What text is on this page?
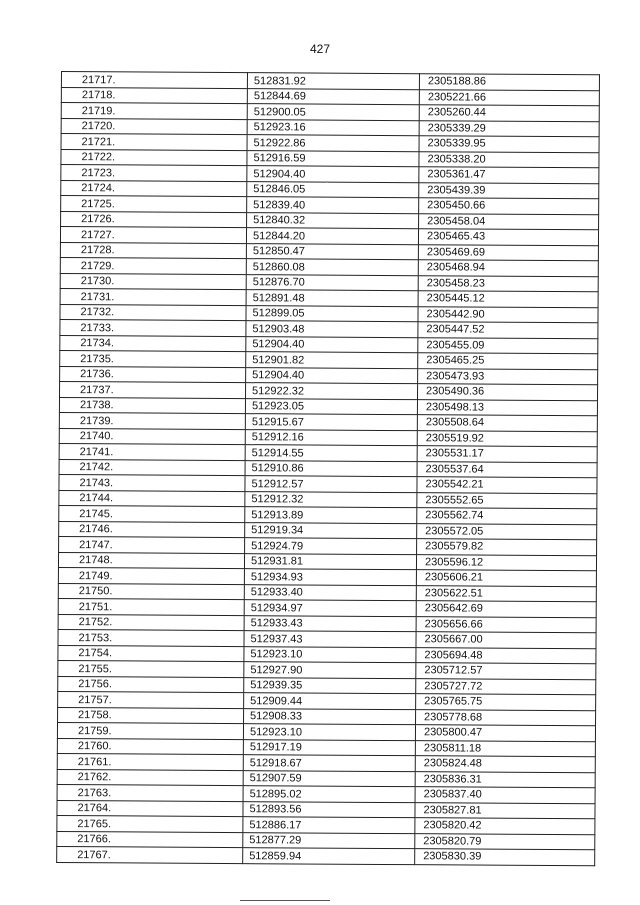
427
21717.	512831.92	2305188.86
21718.	512844.69	2305221.66
21719.	512900.05	2305260.44
21720.	512923.16	2305339.29
21721.	512922.86	2305339.95
21722.	512916.59	2305338.20
21723.	512904.40	2305361.47
21724.	512846.05	2305439.39
21725.	512839.40	2305450.66
21726.	512840.32	2305458.04
21727.	512844.20	2305465.43
21728.	512850.47	2305469.69
21729.	512860.08	2305468.94
21730.	512876.70	2305458.23
21731.	512891.48	2305445.12
21732.	512899.05	2305442.90
21733.	512903.48	2305447.52
21734.	512904.40	2305455.09
21735.	512901.82	2305465.25
21736.	512904.40	2305473.93
21737.	512922.32	2305490.36
21738.	512923.05	2305498.13
21739.	512915.67	2305508.64
21740.	512912.16	2305519.92
21741.	512914.55	2305531.17
21742.	512910.86	2305537.64
21743.	512912.57	2305542.21
21744.	512912.32	2305552.65
21745.	512913.89	2305562.74
21746.	512919.34	2305572.05
21747.	512924.79	2305579.82
21748.	512931.81	2305596.12
21749.	512934.93	2305606.21
21750.	512933.40	2305622.51
21751.	512934.97	2305642.69
21752.	512933.43	2305656.66
21753.	512937.43	2305667.00
21754.	512923.10	2305694.48
21755.	512927.90	2305712.57
21756.	512939.35	2305727.72
21757.	512909.44	2305765.75
21758.	512908.33	2305778.68
21759.	512923.10	2305800.47
21760.	512917.19	2305811.18
21761.	512918.67	2305824.48
21762.	512907.59	2305836.31
21763.	512895.02	2305837.40
21764.	512893.56	2305827.81
21765.	512886.17	2305820.42
21766.	512877.29	2305820.79
21767.	512859.94	2305830.39
